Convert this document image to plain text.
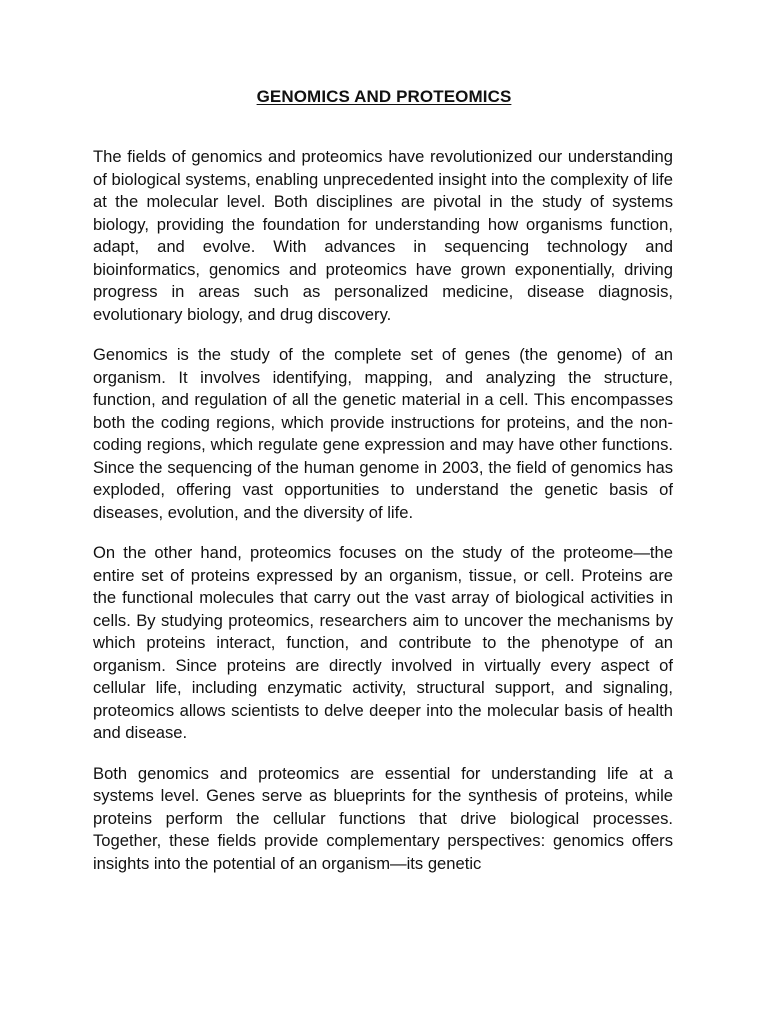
GENOMICS AND PROTEOMICS

The fields of genomics and proteomics have revolutionized our understanding of biological systems, enabling unprecedented insight into the complexity of life at the molecular level. Both disciplines are pivotal in the study of systems biology, providing the foundation for understanding how organisms function, adapt, and evolve. With advances in sequencing technology and bioinformatics, genomics and proteomics have grown exponentially, driving progress in areas such as personalized medicine, disease diagnosis, evolutionary biology, and drug discovery.

Genomics is the study of the complete set of genes (the genome) of an organism. It involves identifying, mapping, and analyzing the structure, function, and regulation of all the genetic material in a cell. This encompasses both the coding regions, which provide instructions for proteins, and the non-coding regions, which regulate gene expression and may have other functions. Since the sequencing of the human genome in 2003, the field of genomics has exploded, offering vast opportunities to understand the genetic basis of diseases, evolution, and the diversity of life.

On the other hand, proteomics focuses on the study of the proteome—the entire set of proteins expressed by an organism, tissue, or cell. Proteins are the functional molecules that carry out the vast array of biological activities in cells. By studying proteomics, researchers aim to uncover the mechanisms by which proteins interact, function, and contribute to the phenotype of an organism. Since proteins are directly involved in virtually every aspect of cellular life, including enzymatic activity, structural support, and signaling, proteomics allows scientists to delve deeper into the molecular basis of health and disease.

Both genomics and proteomics are essential for understanding life at a systems level. Genes serve as blueprints for the synthesis of proteins, while proteins perform the cellular functions that drive biological processes. Together, these fields provide complementary perspectives: genomics offers insights into the potential of an organism—its genetic
